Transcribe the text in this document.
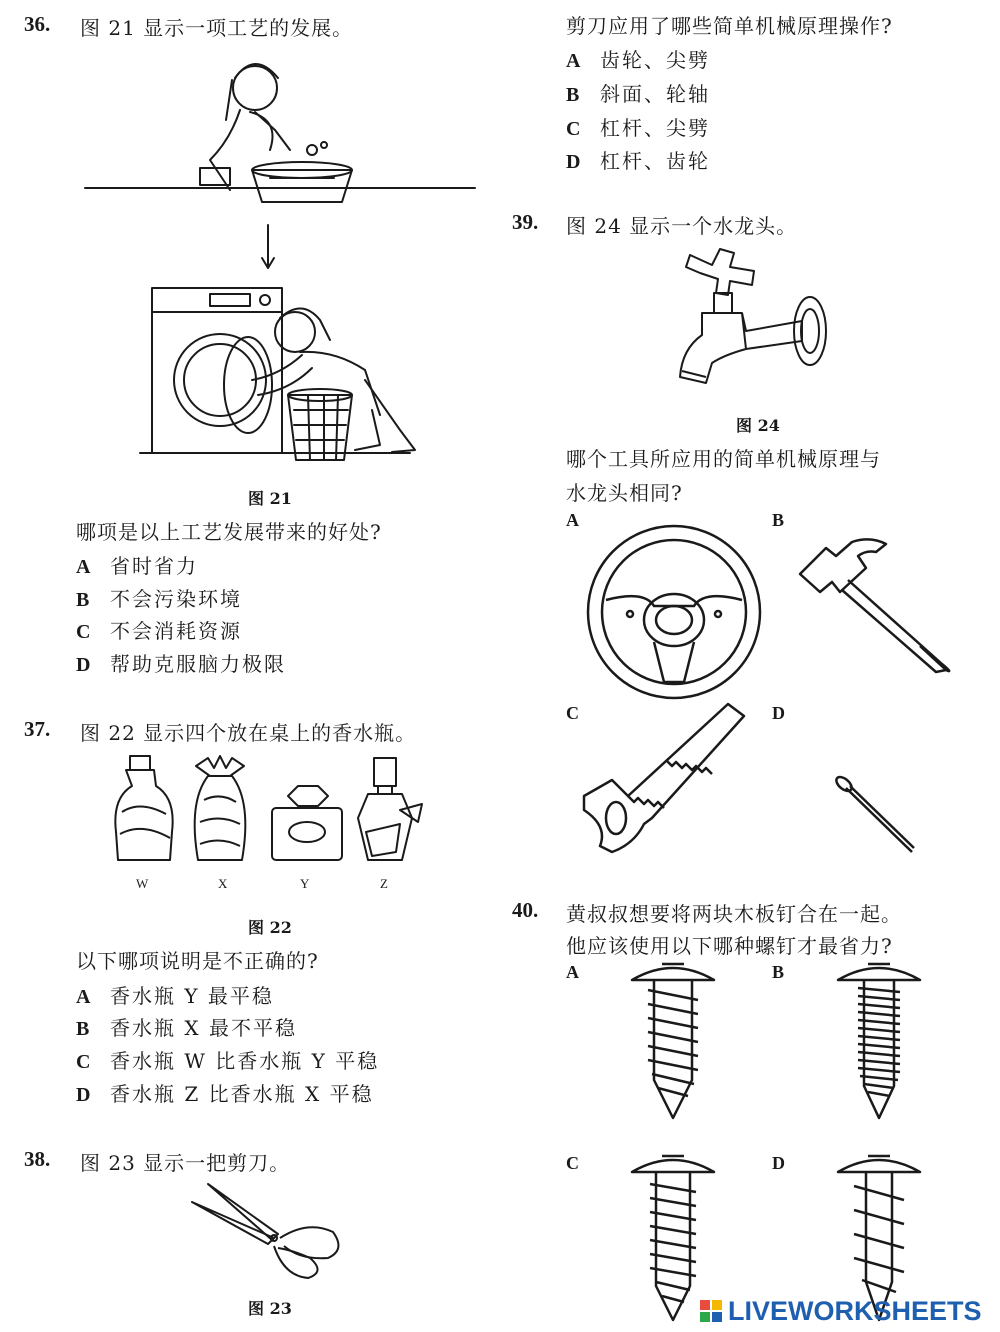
36. 图 21 显示一项工艺的发展。
图 21
哪项是以上工艺发展带来的好处?
A 省时省力
B 不会污染环境
C 不会消耗资源
D 帮助克服脑力极限
37. 图 22 显示四个放在桌上的香水瓶。
W	X	Y	Z
图 22
以下哪项说明是不正确的?
A 香水瓶 Y 最平稳
B 香水瓶 X 最不平稳
C 香水瓶 W 比香水瓶 Y 平稳
D 香水瓶 Z 比香水瓶 X 平稳
38. 图 23 显示一把剪刀。
图 23
剪刀应用了哪些简单机械原理操作?
A 齿轮、尖劈
B 斜面、轮轴
C 杠杆、尖劈
D 杠杆、齿轮
39. 图 24 显示一个水龙头。
图 24
哪个工具所应用的简单机械原理与
水龙头相同?
A	B
C	D
40. 黄叔叔想要将两块木板钉合在一起。
他应该使用以下哪种螺钉才最省力?
A	B
C	D
LIVEWORKSHEETS
